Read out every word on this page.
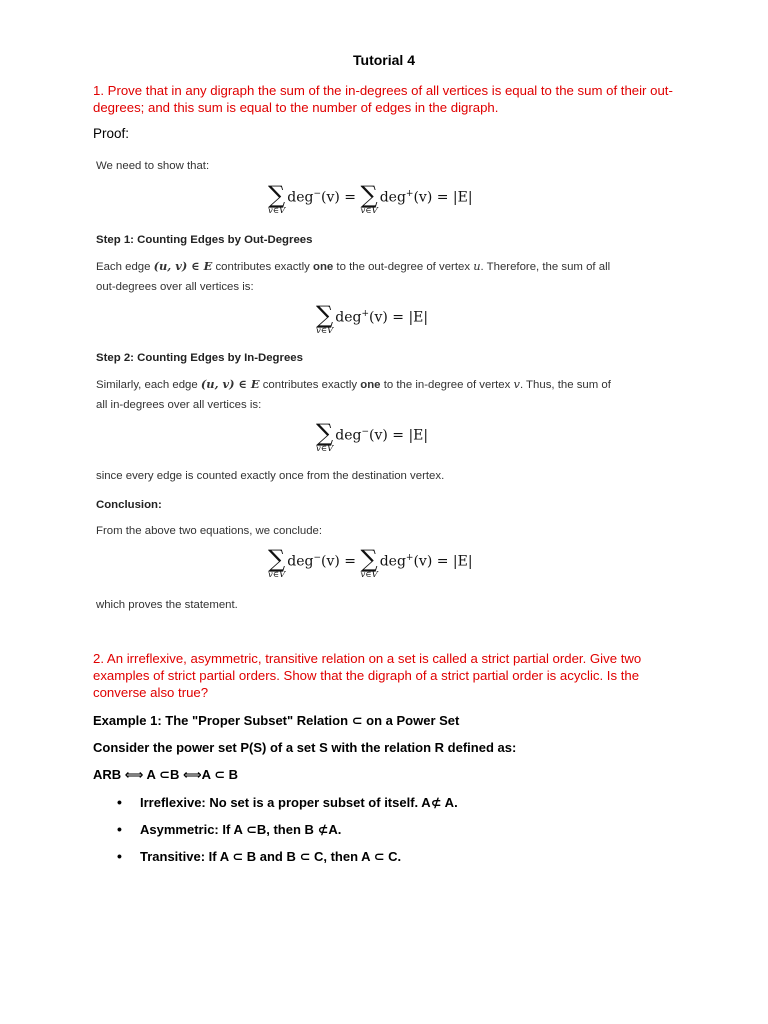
Tutorial 4
1. Prove that in any digraph the sum of the in-degrees of all vertices is equal to the sum of their out-degrees; and this sum is equal to the number of edges in the digraph.
Proof:
We need to show that:
∑
v∈V
deg−(v) = ∑
v∈V
deg+(v) = |E|
Step 1: Counting Edges by Out-Degrees
Each edge (u, v) ∈ E contributes exactly one to the out-degree of vertex u. Therefore, the sum of all
out-degrees over all vertices is:
∑
v∈V
deg+(v) = |E|
Step 2: Counting Edges by In-Degrees
Similarly, each edge (u, v) ∈ E contributes exactly one to the in-degree of vertex v. Thus, the sum of
all in-degrees over all vertices is:
∑
v∈V
deg−(v) = |E|
since every edge is counted exactly once from the destination vertex.
Conclusion:
From the above two equations, we conclude:
∑
v∈V
deg−(v) = ∑
v∈V
deg+(v) = |E|
which proves the statement.
2. An irreflexive, asymmetric, transitive relation on a set is called a strict partial order. Give two examples of strict partial orders. Show that the digraph of a strict partial order is acyclic. Is the converse also true?
Example 1: The "Proper Subset" Relation ⊂ on a Power Set
Consider the power set P(S) of a set S with the relation R defined as:
ARB ⟺ A ⊂B ⟺A ⊂ B
• Irreflexive: No set is a proper subset of itself. A⊄ A.
• Asymmetric: If A ⊂B, then B ⊄A.
• Transitive: If A ⊂ B and B ⊂ C, then A ⊂ C.
